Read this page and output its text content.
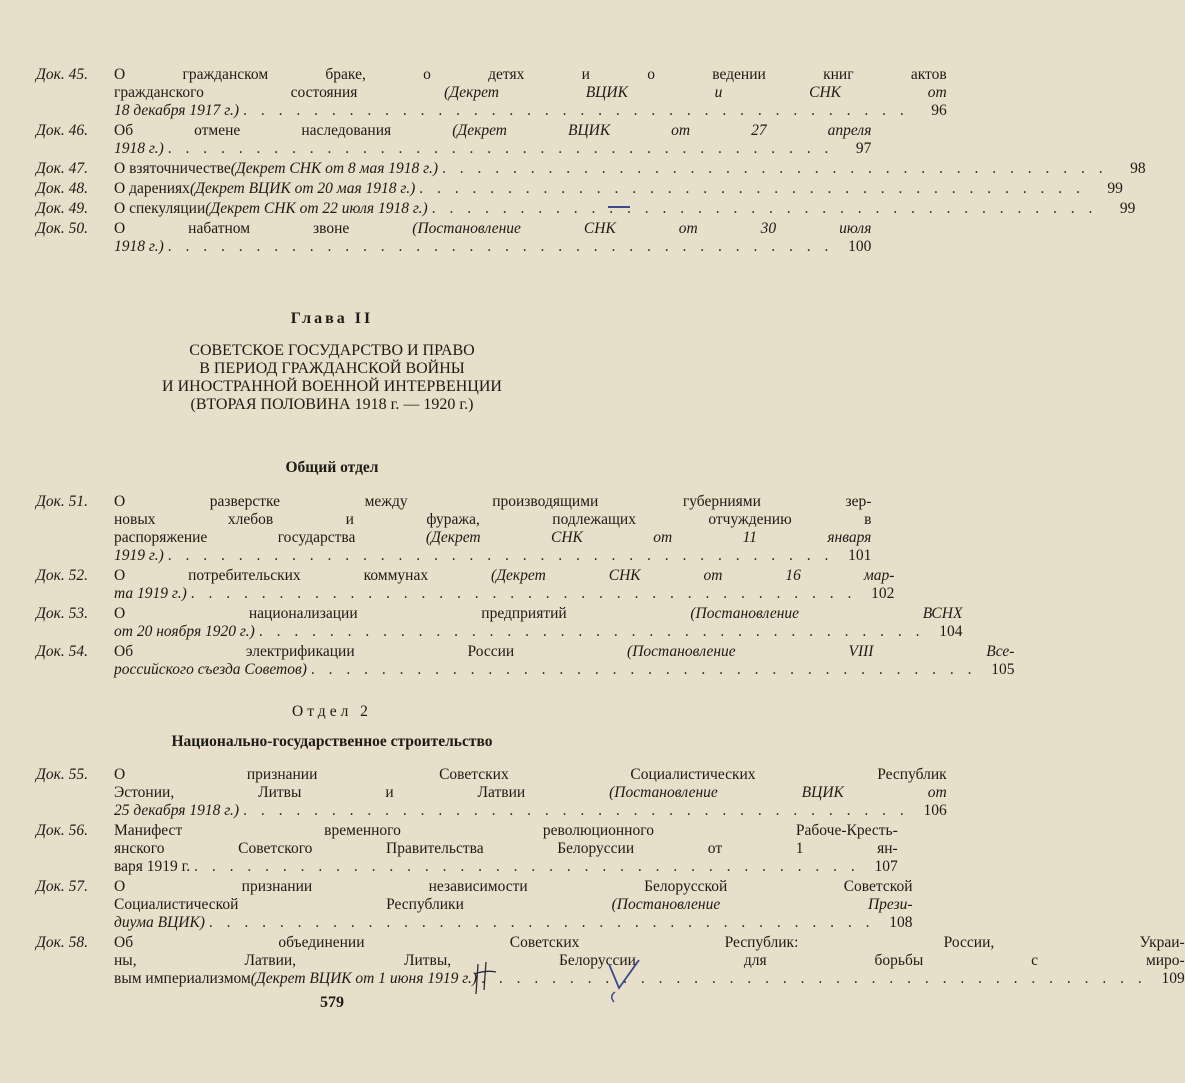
Док. 45.	О гражданском браке, о детях и о ведении книг актов
гражданского состояния (Декрет ВЦИК и СНК от
18 декабря 1917 г.) . . . . . . . . . . . . . . . . . . . . . . . . . . . . . . . . . . . . . .	96
Док. 46.	Об отмене наследования (Декрет ВЦИК от 27 апреля
1918 г.) . . . . . . . . . . . . . . . . . . . . . . . . . . . . . . . . . . . . . .	97
Док. 47.	О взяточничестве (Декрет СНК от 8 мая 1918 г.) . . . . . . . . . . . . . . . . . . . . . . . . . . . . . . . . . . . . . .	98
Док. 48.	О дарениях (Декрет ВЦИК от 20 мая 1918 г.) . . . . . . . . . . . . . . . . . . . . . . . . . . . . . . . . . . . . . .	99
Док. 49.	О спекуляции (Декрет СНК от 22 июля 1918 г.) . . . . . . . . . . . . . . . . . . . . . . . . . . . . . . . . . . . . . .	99
Док. 50.	О набатном звоне (Постановление СНК от 30 июля
1918 г.) . . . . . . . . . . . . . . . . . . . . . . . . . . . . . . . . . . . . . . 100
Глава II
СОВЕТСКОЕ ГОСУДАРСТВО И ПРАВО
В ПЕРИОД ГРАЖДАНСКОЙ ВОЙНЫ
И ИНОСТРАННОЙ ВОЕННОЙ ИНТЕРВЕНЦИИ
(ВТОРАЯ ПОЛОВИНА 1918 г. — 1920 г.)
Общий отдел
Док. 51.	О разверстке между производящими губерниями зер-
новых хлебов и фуража, подлежащих отчуждению в
распоряжение государства (Декрет СНК от 11 января
1919 г.) . . . . . . . . . . . . . . . . . . . . . . . . . . . . . . . . . . . . . . 101
Док. 52.	О потребительских коммунах (Декрет СНК от 16 мар-
та 1919 г.) . . . . . . . . . . . . . . . . . . . . . . . . . . . . . . . . . . . . . . 102
Док. 53.	О национализации предприятий (Постановление ВСНХ
от 20 ноября 1920 г.) . . . . . . . . . . . . . . . . . . . . . . . . . . . . . . . . . . . . . . 104
Док. 54.	Об электрификации России (Постановление VIII Все-
российского съезда Советов) . . . . . . . . . . . . . . . . . . . . . . . . . . . . . . . . . . . . . . 105
Отдел 2
Национально-государственное строительство
Док. 55.	О признании Советских Социалистических Республик
Эстонии, Литвы и Латвии (Постановление ВЦИК от
25 декабря 1918 г.) . . . . . . . . . . . . . . . . . . . . . . . . . . . . . . . . . . . . . . 106
Док. 56.	Манифест временного революционного Рабоче-Кресть-
янского Советского Правительства Белоруссии от 1 ян-
варя 1919 г. . . . . . . . . . . . . . . . . . . . . . . . . . . . . . . . . . . . . . . 107
Док. 57.	О признании независимости Белорусской Советской
Социалистической Республики (Постановление Прези-
диума ВЦИК) . . . . . . . . . . . . . . . . . . . . . . . . . . . . . . . . . . . . . . 108
Док. 58.	Об объединении Советских Республик: России, Украи-
ны, Латвии, Литвы, Белоруссии для борьбы с миро-
вым империализмом (Декрет ВЦИК от 1 июня 1919 г.) . . . . . . . . . . . . . . . . . . . . . . . . . . . . . . . . . . . . . . 109
579
